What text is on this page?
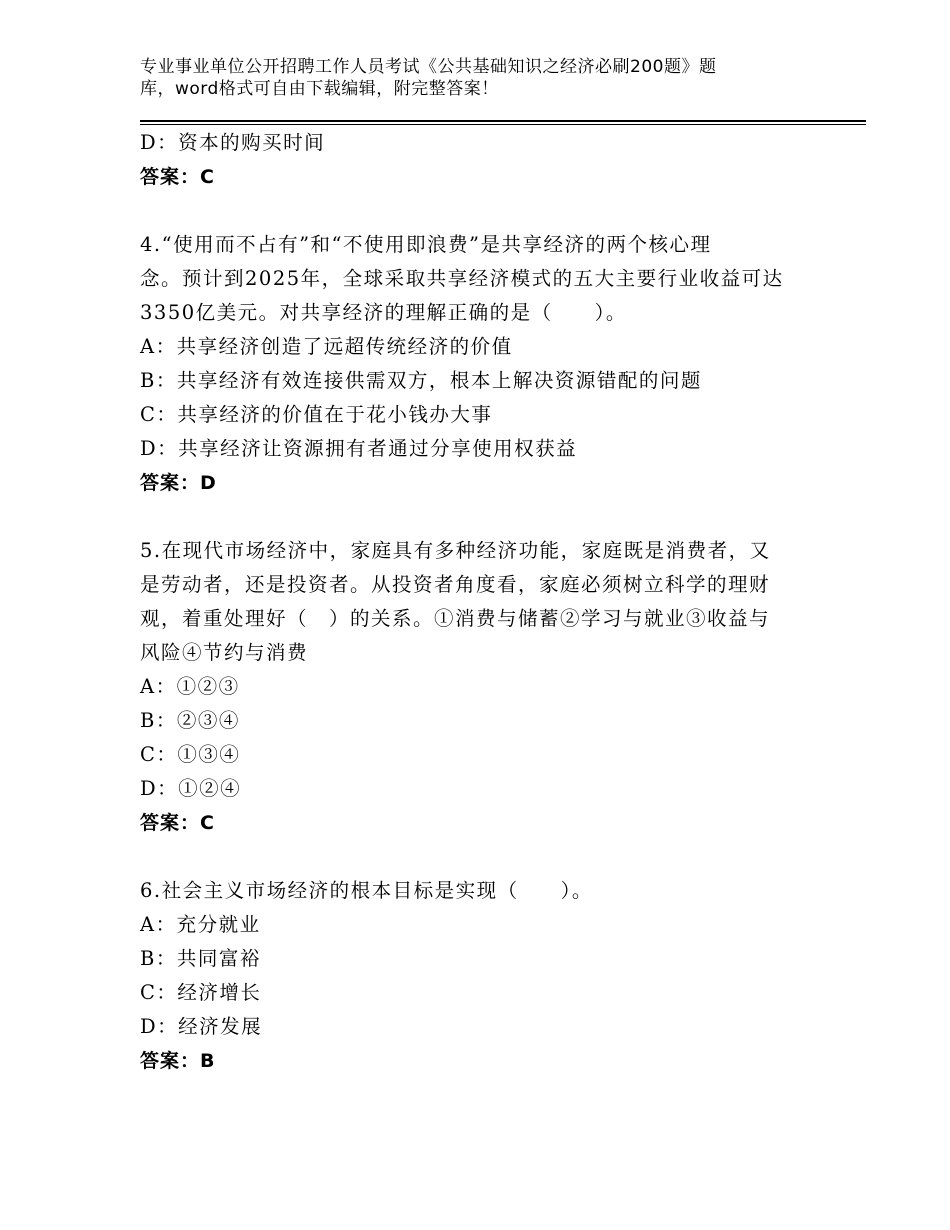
专业事业单位公开招聘工作人员考试《公共基础知识之经济必刷200题》题
库，word格式可自由下载编辑，附完整答案！
D：资本的购买时间
答案：C
4.“使用而不占有”和“不使用即浪费”是共享经济的两个核心理
念。预计到2025年，全球采取共享经济模式的五大主要行业收益可达
3350亿美元。对共享经济的理解正确的是（　　）。
A：共享经济创造了远超传统经济的价值
B：共享经济有效连接供需双方，根本上解决资源错配的问题
C：共享经济的价值在于花小钱办大事
D：共享经济让资源拥有者通过分享使用权获益
答案：D
5.在现代市场经济中，家庭具有多种经济功能，家庭既是消费者，又
是劳动者，还是投资者。从投资者角度看，家庭必须树立科学的理财
观，着重处理好（　）的关系。①消费与储蓄②学习与就业③收益与
风险④节约与消费
A：①②③
B：②③④
C：①③④
D：①②④
答案：C
6.社会主义市场经济的根本目标是实现（　　）。
A：充分就业
B：共同富裕
C：经济增长
D：经济发展
答案：B
